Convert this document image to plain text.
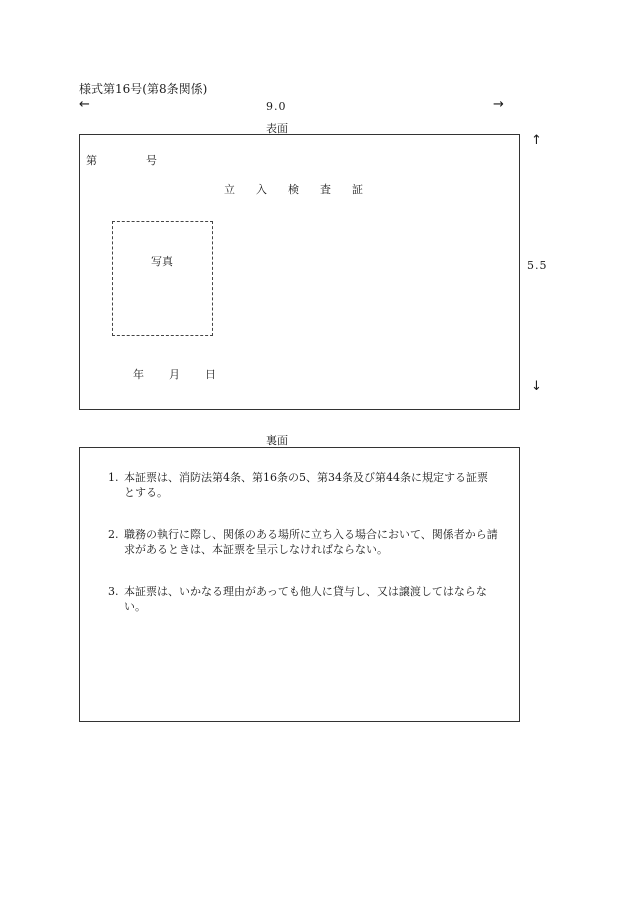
様式第16号(第8条関係)
←	9.0	→
表面
↑
5.5
↓
第	号
立入検査証
写真
年 月 日
裏面
1. 本証票は、消防法第4条、第16条の5、第34条及び第44条に規定する証票とする。
2. 職務の執行に際し、関係のある場所に立ち入る場合において、関係者から請求があるときは、本証票を呈示しなければならない。
3. 本証票は、いかなる理由があっても他人に貸与し、又は譲渡してはならない。
